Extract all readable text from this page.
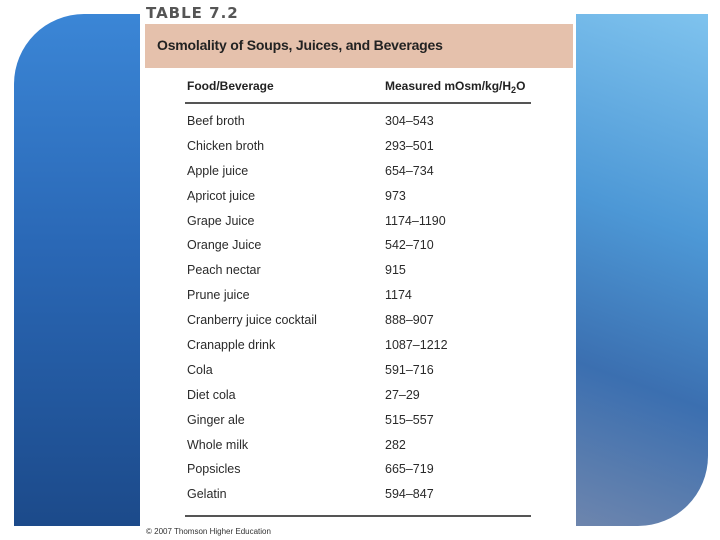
TABLE 7.2
Osmolality of Soups, Juices, and Beverages
Food/Beverage	Measured mOsm/$kg/H_2O$
Beef broth	304–543
Chicken broth	293–501
Apple juice	654–734
Apricot juice	973
Grape Juice	1174–1190
Orange Juice	542–710
Peach nectar	915
Prune juice	1174
Cranberry juice cocktail	888–907
Cranapple drink	1087–1212
Cola	591–716
Diet cola	27–29
Ginger ale	515–557
Whole milk	282
Popsicles	665–719
Gelatin	594–847
© 2007 Thomson Higher Education
